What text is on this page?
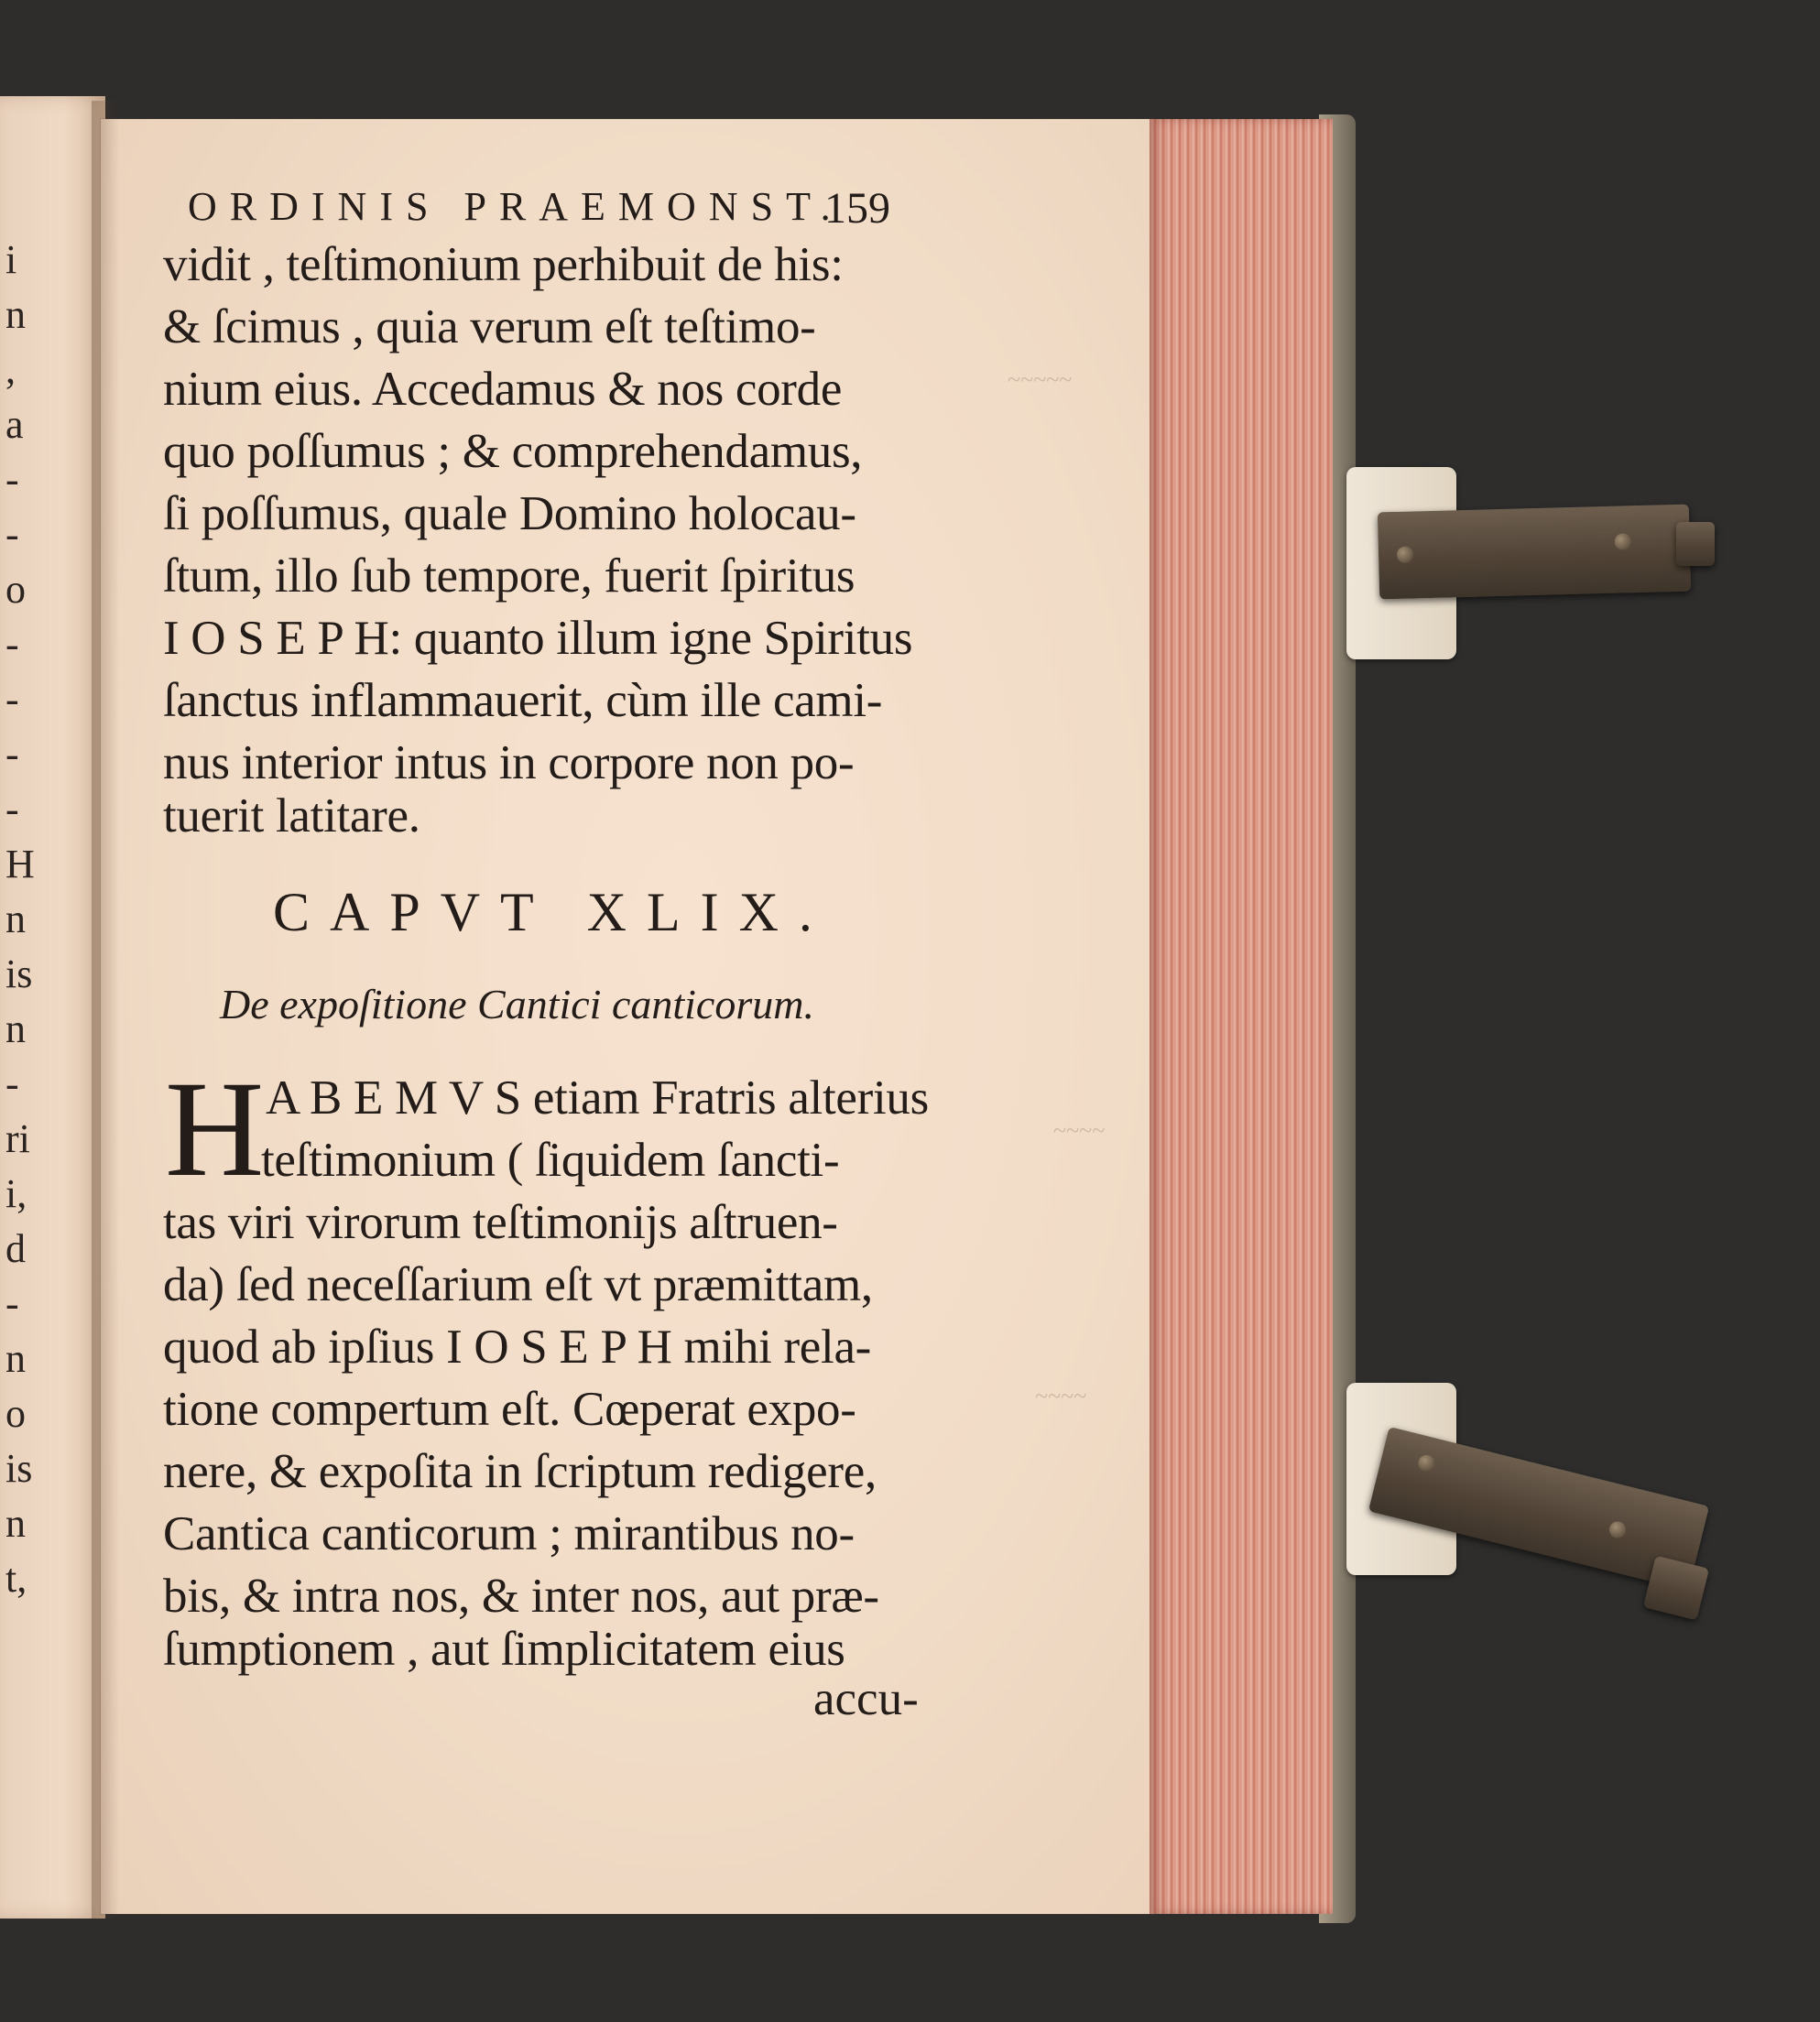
i
n
,
a
-
-
o
-
-
-
-
H
n
is
n
-
ri
i,
d
-
n
o
is
n
t,
~~~~~
~~~~
~~~~
ORDINIS PRAEMONST.
159
vidit , teſtimonium perhibuit de his:
& ſcimus , quia verum eſt teſtimo-
nium eius. Accedamus & nos corde
quo poſſumus ; & comprehendamus,
ſi poſſumus, quale Domino holocau-
ſtum, illo ſub tempore, fuerit ſpiritus
I O S E P H: quanto illum igne Spiritus
ſanctus inflammauerit, cùm ille cami-
nus interior intus in corpore non po-
tuerit latitare.
CAPVT XLIX.
De expoſitione Cantici canticorum.
H A B E M V S etiam Fratris alterius
teſtimonium ( ſiquidem ſancti-
tas viri virorum teſtimonijs aſtruen-
da) ſed neceſſarium eſt vt præmittam,
quod ab ipſius I O S E P H mihi rela-
tione compertum eſt. Cœperat expo-
nere, & expoſita in ſcriptum redigere,
Cantica canticorum ; mirantibus no-
bis, & intra nos, & inter nos, aut præ-
ſumptionem , aut ſimplicitatem eius
accu-
